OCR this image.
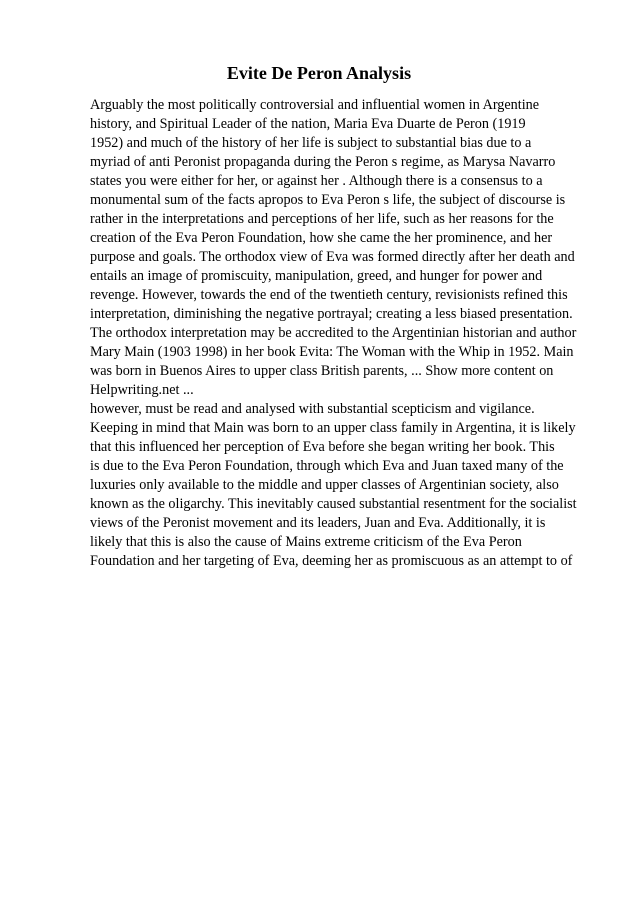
Evite De Peron Analysis
Arguably the most politically controversial and influential women in Argentine
history, and Spiritual Leader of the nation, Maria Eva Duarte de Peron (1919
1952) and much of the history of her life is subject to substantial bias due to a
myriad of anti Peronist propaganda during the Peron s regime, as Marysa Navarro
states you were either for her, or against her . Although there is a consensus to a
monumental sum of the facts apropos to Eva Peron s life, the subject of discourse is
rather in the interpretations and perceptions of her life, such as her reasons for the
creation of the Eva Peron Foundation, how she came the her prominence, and her
purpose and goals. The orthodox view of Eva was formed directly after her death and
entails an image of promiscuity, manipulation, greed, and hunger for power and
revenge. However, towards the end of the twentieth century, revisionists refined this
interpretation, diminishing the negative portrayal; creating a less biased presentation.
The orthodox interpretation may be accredited to the Argentinian historian and author
Mary Main (1903 1998) in her book Evita: The Woman with the Whip in 1952. Main
was born in Buenos Aires to upper class British parents, ... Show more content on
Helpwriting.net ...
however, must be read and analysed with substantial scepticism and vigilance.
Keeping in mind that Main was born to an upper class family in Argentina, it is likely
that this influenced her perception of Eva before she began writing her book. This
is due to the Eva Peron Foundation, through which Eva and Juan taxed many of the
luxuries only available to the middle and upper classes of Argentinian society, also
known as the oligarchy. This inevitably caused substantial resentment for the socialist
views of the Peronist movement and its leaders, Juan and Eva. Additionally, it is
likely that this is also the cause of Mains extreme criticism of the Eva Peron
Foundation and her targeting of Eva, deeming her as promiscuous as an attempt to of
